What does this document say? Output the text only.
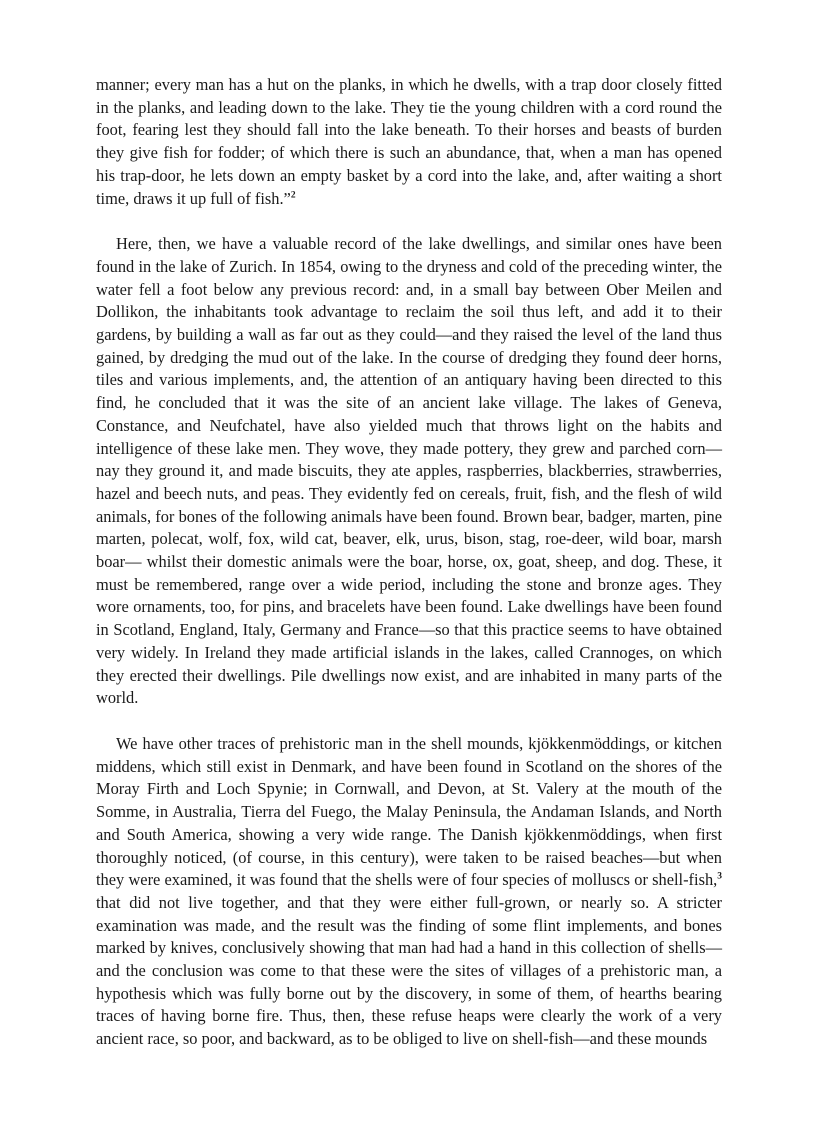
manner; every man has a hut on the planks, in which he dwells, with a trap door closely fitted in the planks, and leading down to the lake. They tie the young children with a cord round the foot, fearing lest they should fall into the lake beneath. To their horses and beasts of burden they give fish for fodder; of which there is such an abundance, that, when a man has opened his trap-door, he lets down an empty basket by a cord into the lake, and, after waiting a short time, draws it up full of fish.”$^2$

Here, then, we have a valuable record of the lake dwellings, and similar ones have been found in the lake of Zurich. In 1854, owing to the dryness and cold of the preceding winter, the water fell a foot below any previous record: and, in a small bay between Ober Meilen and Dollikon, the inhabitants took advantage to reclaim the soil thus left, and add it to their gardens, by building a wall as far out as they could—and they raised the level of the land thus gained, by dredging the mud out of the lake. In the course of dredging they found deer horns, tiles and various implements, and, the attention of an antiquary having been directed to this find, he concluded that it was the site of an ancient lake village. The lakes of Geneva, Constance, and Neufchatel, have also yielded much that throws light on the habits and intelligence of these lake men. They wove, they made pottery, they grew and parched corn—nay they ground it, and made biscuits, they ate apples, raspberries, blackberries, strawberries, hazel and beech nuts, and peas. They evidently fed on cereals, fruit, fish, and the flesh of wild animals, for bones of the following animals have been found. Brown bear, badger, marten, pine marten, polecat, wolf, fox, wild cat, beaver, elk, urus, bison, stag, roe-deer, wild boar, marsh boar— whilst their domestic animals were the boar, horse, ox, goat, sheep, and dog. These, it must be remembered, range over a wide period, including the stone and bronze ages. They wore ornaments, too, for pins, and bracelets have been found. Lake dwellings have been found in Scotland, England, Italy, Germany and France—so that this practice seems to have obtained very widely. In Ireland they made artificial islands in the lakes, called Crannoges, on which they erected their dwellings. Pile dwellings now exist, and are inhabited in many parts of the world.

We have other traces of prehistoric man in the shell mounds, kjökkenmöddings, or kitchen middens, which still exist in Denmark, and have been found in Scotland on the shores of the Moray Firth and Loch Spynie; in Cornwall, and Devon, at St. Valery at the mouth of the Somme, in Australia, Tierra del Fuego, the Malay Peninsula, the Andaman Islands, and North and South America, showing a very wide range. The Danish kjökkenmöddings, when first thoroughly noticed, (of course, in this century), were taken to be raised beaches—but when they were examined, it was found that the shells were of four species of molluscs or shell-fish,$^3$ that did not live together, and that they were either full-grown, or nearly so. A stricter examination was made, and the result was the finding of some flint implements, and bones marked by knives, conclusively showing that man had had a hand in this collection of shells—and the conclusion was come to that these were the sites of villages of a prehistoric man, a hypothesis which was fully borne out by the discovery, in some of them, of hearths bearing traces of having borne fire. Thus, then, these refuse heaps were clearly the work of a very ancient race, so poor, and backward, as to be obliged to live on shell-fish—and these mounds
